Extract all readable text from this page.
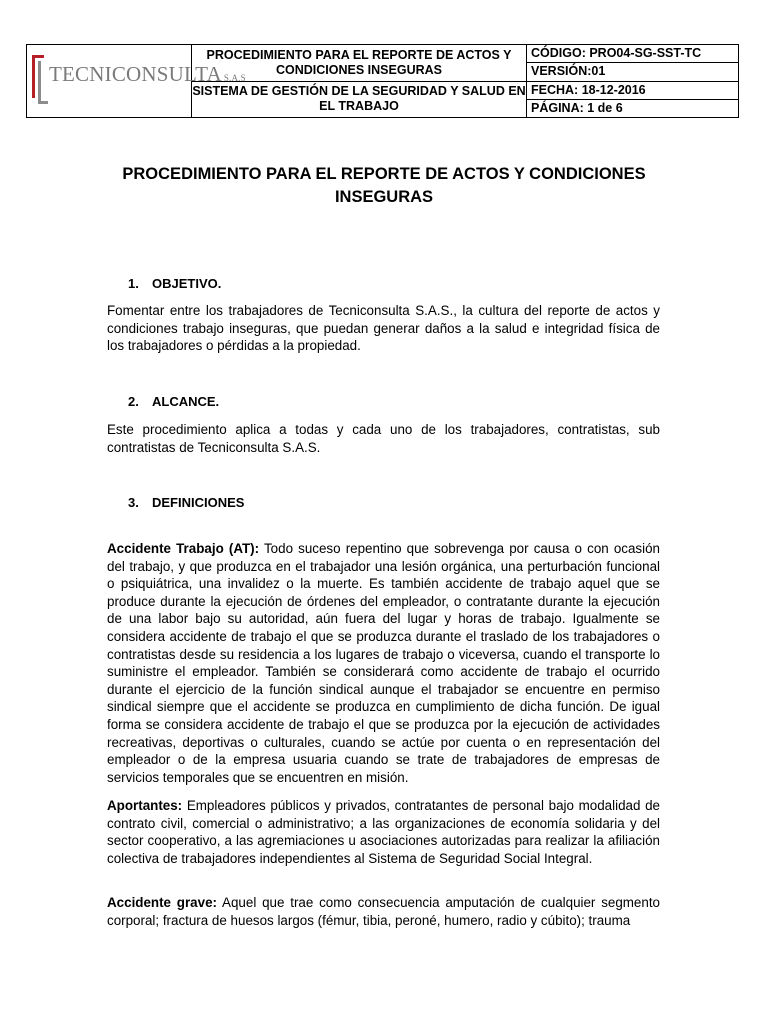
TECNICONSULTA S.A.S	PROCEDIMIENTO PARA EL REPORTE DE ACTOS Y CONDICIONES INSEGURAS	CÓDIGO: PRO04-SG-SST-TC
		VERSIÓN:01
	SISTEMA DE GESTIÓN DE LA SEGURIDAD Y SALUD EN EL TRABAJO	FECHA: 18-12-2016
		PÁGINA: 1 de 6
PROCEDIMIENTO PARA EL REPORTE DE ACTOS Y CONDICIONES INSEGURAS
1. OBJETIVO.
Fomentar entre los trabajadores de Tecniconsulta S.A.S., la cultura del reporte de actos y condiciones trabajo inseguras, que puedan generar daños a la salud e integridad física de los trabajadores o pérdidas a la propiedad.
2. ALCANCE.
Este procedimiento aplica a todas y cada uno de los trabajadores, contratistas, sub contratistas de Tecniconsulta S.A.S.
3. DEFINICIONES
Accidente Trabajo (AT): Todo suceso repentino que sobrevenga por causa o con ocasión del trabajo, y que produzca en el trabajador una lesión orgánica, una perturbación funcional o psiquiátrica, una invalidez o la muerte. Es también accidente de trabajo aquel que se produce durante la ejecución de órdenes del empleador, o contratante durante la ejecución de una labor bajo su autoridad, aún fuera del lugar y horas de trabajo. Igualmente se considera accidente de trabajo el que se produzca durante el traslado de los trabajadores o contratistas desde su residencia a los lugares de trabajo o viceversa, cuando el transporte lo suministre el empleador. También se considerará como accidente de trabajo el ocurrido durante el ejercicio de la función sindical aunque el trabajador se encuentre en permiso sindical siempre que el accidente se produzca en cumplimiento de dicha función. De igual forma se considera accidente de trabajo el que se produzca por la ejecución de actividades recreativas, deportivas o culturales, cuando se actúe por cuenta o en representación del empleador o de la empresa usuaria cuando se trate de trabajadores de empresas de servicios temporales que se encuentren en misión.
Aportantes: Empleadores públicos y privados, contratantes de personal bajo modalidad de contrato civil, comercial o administrativo; a las organizaciones de economía solidaria y del sector cooperativo, a las agremiaciones u asociaciones autorizadas para realizar la afiliación colectiva de trabajadores independientes al Sistema de Seguridad Social Integral.
Accidente grave: Aquel que trae como consecuencia amputación de cualquier segmento corporal; fractura de huesos largos (fémur, tibia, peroné, humero, radio y cúbito); trauma
